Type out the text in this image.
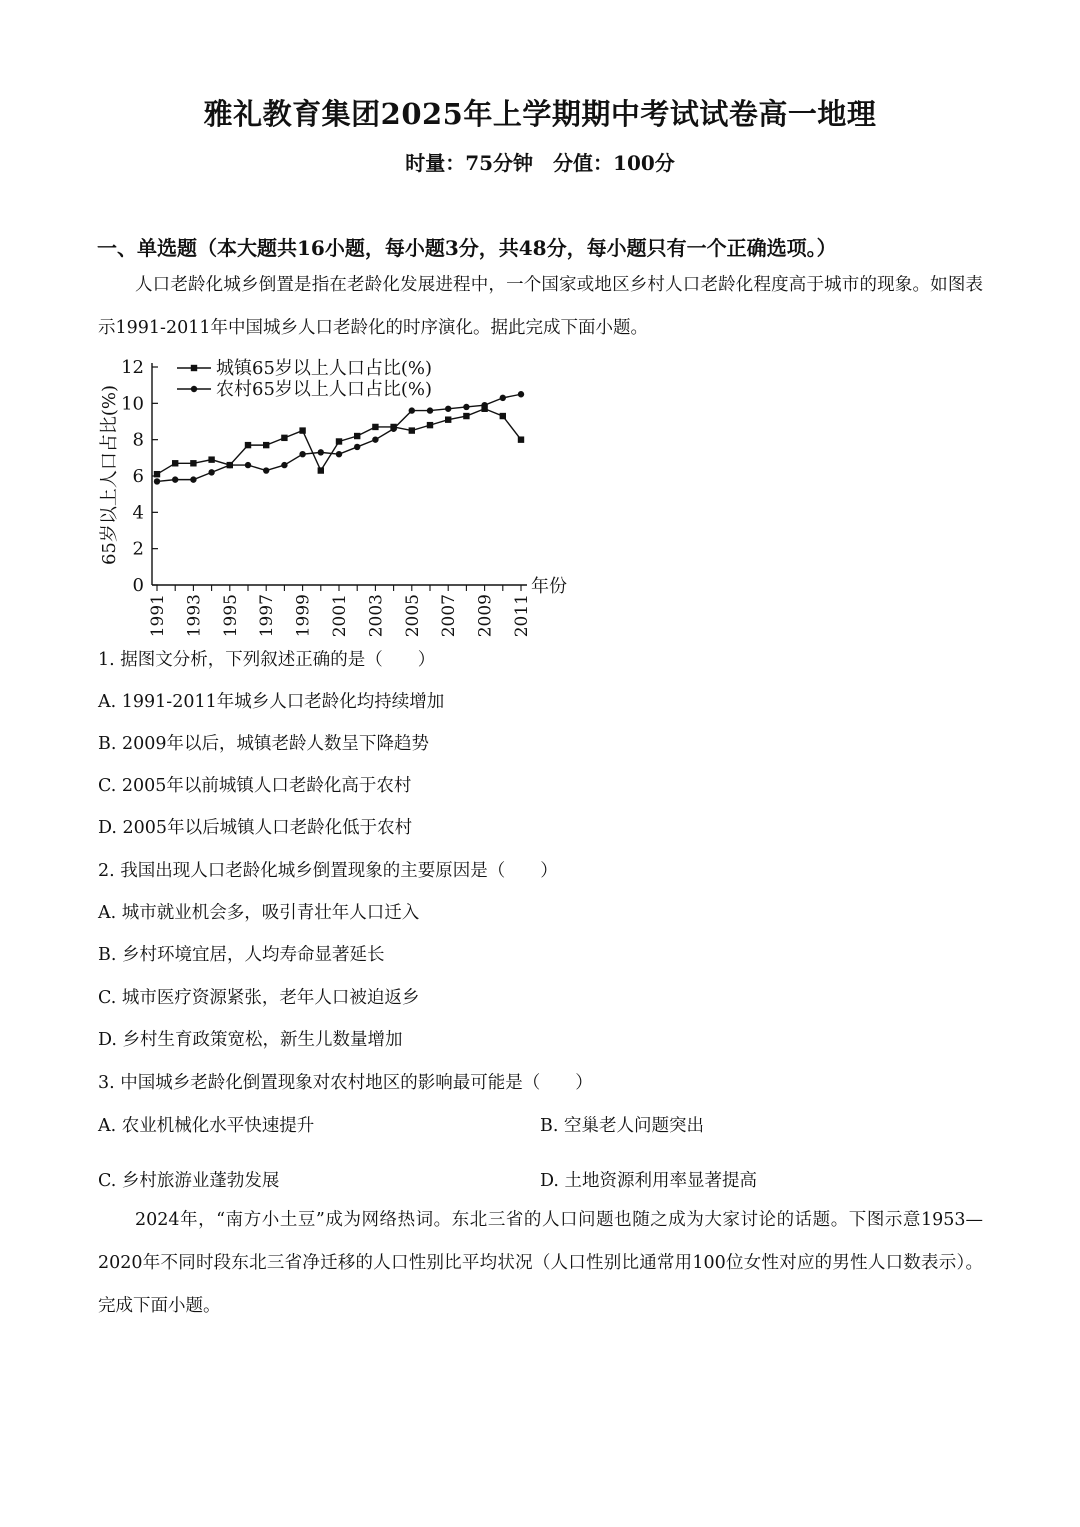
雅礼教育集团2025年上学期期中考试试卷高一地理
时量：75分钟　分值：100分
一、单选题（本大题共16小题，每小题3分，共48分，每小题只有一个正确选项。）

人口老龄化城乡倒置是指在老龄化发展进程中，一个国家或地区乡村人口老龄化程度高于城市的现象。如图表示1991-2011年中国城乡人口老龄化的时序演化。据此完成下面小题。

0
2
4
6
8
10
12
1991 1993 1995 1997 1999 2001 2003 2005 2007 2009 2011
城镇65岁以上人口占比(%)
农村65岁以上人口占比(%)
65岁以上人口占比(%)
年份
1. 据图文分析，下列叙述正确的是（　　）
A. 1991-2011年城乡人口老龄化均持续增加
B. 2009年以后，城镇老龄人数呈下降趋势
C. 2005年以前城镇人口老龄化高于农村
D. 2005年以后城镇人口老龄化低于农村
2. 我国出现人口老龄化城乡倒置现象的主要原因是（　　）
A. 城市就业机会多，吸引青壮年人口迁入
B. 乡村环境宜居，人均寿命显著延长
C. 城市医疗资源紧张，老年人口被迫返乡
D. 乡村生育政策宽松，新生儿数量增加
3. 中国城乡老龄化倒置现象对农村地区的影响最可能是（　　）
A. 农业机械化水平快速提升	B. 空巢老人问题突出
C. 乡村旅游业蓬勃发展	D. 土地资源利用率显著提高

2024年，“南方小土豆”成为网络热词。东北三省的人口问题也随之成为大家讨论的话题。下图示意1953—2020年不同时段东北三省净迁移的人口性别比平均状况（人口性别比通常用100位女性对应的男性人口数表示）。完成下面小题。
